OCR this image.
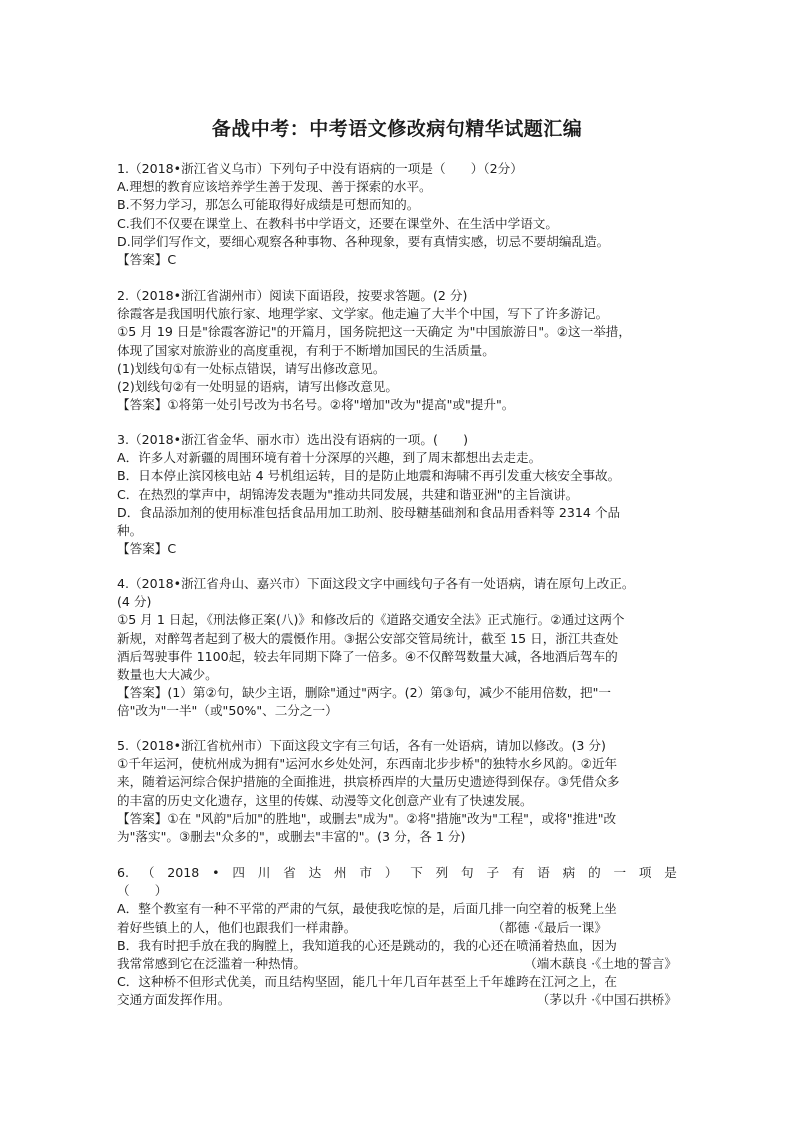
备战中考：中考语文修改病句精华试题汇编

1.（2018•浙江省义乌市）下列句子中没有语病的一项是（　　）（2分）

A.理想的教育应该培养学生善于发现、善于探索的水平。

B.不努力学习，那怎么可能取得好成绩是可想而知的。

C.我们不仅要在课堂上、在教科书中学语文，还要在课堂外、在生活中学语文。

D.同学们写作文，要细心观察各种事物、各种现象，要有真情实感，切忌不要胡编乱造。

【答案】C

2.（2018•浙江省湖州市）阅读下面语段，按要求答题。(2 分)

徐霞客是我国明代旅行家、地理学家、文学家。他走遍了大半个中国，写下了许多游记。

①5 月 19 日是"徐霞客游记"的开篇月，国务院把这一天确定 为"中国旅游日"。②这一举措，

体现了国家对旅游业的高度重视，有利于不断增加国民的生活质量。

(1)划线句①有一处标点错误，请写出修改意见。

(2)划线句②有一处明显的语病，请写出修改意见。

【答案】①将第一处引号改为书名号。②将"增加"改为"提高"或"提升"。

3.（2018•浙江省金华、丽水市）选出没有语病的一项。(　　)

A．许多人对新疆的周围环境有着十分深厚的兴趣，到了周末都想出去走走。

B．日本停止滨冈核电站 4 号机组运转，目的是防止地震和海啸不再引发重大核安全事故。

C．在热烈的掌声中，胡锦涛发表题为"推动共同发展，共建和谐亚洲"的主旨演讲。

D．食品添加剂的使用标准包括食品用加工助剂、胶母糖基础剂和食品用香料等 2314 个品

种。

【答案】C

4.（2018•浙江省舟山、嘉兴市）下面这段文字中画线句子各有一处语病，请在原句上改正。

(4 分)

①5 月 1 日起，《刑法修正案(八)》和修改后的《道路交通安全法》正式施行。②通过这两个

新规，对醉驾者起到了极大的震慑作用。③据公安部交管局统计，截至 15 日，浙江共查处

酒后驾驶事件 1100起，较去年同期下降了一倍多。④不仅醉驾数量大减，各地酒后驾车的

数量也大大减少。

【答案】(1）第②句，缺少主语，删除"通过"两字。(2）第③句，减少不能用倍数，把"一

倍"改为"一半"（或"50%"、二分之一）

5.（2018•浙江省杭州市）下面这段文字有三句话，各有一处语病，请加以修改。(3 分)

①千年运河，使杭州成为拥有"运河水乡处处河，东西南北步步桥"的独特水乡风韵。②近年

来，随着运河综合保护措施的全面推进，拱宸桥西岸的大量历史遗迹得到保存。③凭借众多

的丰富的历史文化遗存，这里的传媒、动漫等文化创意产业有了快速发展。

【答案】①在 "风韵"后加"的胜地"，或删去"成为"。②将"措施"改为"工程"，或将"推进"改

为"落实"。③删去"众多的"，或删去"丰富的"。(3 分，各 1 分)

6. （ 2018 • 四 川 省 达 州 市 ） 下 列 句 子 有 语 病 的 一 项 是

（　　）

A．整个教室有一种不平常的严肃的气氛，最使我吃惊的是，后面几排一向空着的板凳上坐

着好些镇上的人，他们也跟我们一样肃静。	（都德 ·《最后一课》

B．我有时把手放在我的胸膛上，我知道我的心还是跳动的，我的心还在喷涌着热血，因为

我常常感到它在泛滥着一种热情。	（端木蕻良 ·《土地的誓言》

C．这种桥不但形式优美，而且结构坚固，能几十年几百年甚至上千年雄跨在江河之上，在

交通方面发挥作用。	（茅以升 ·《中国石拱桥》
